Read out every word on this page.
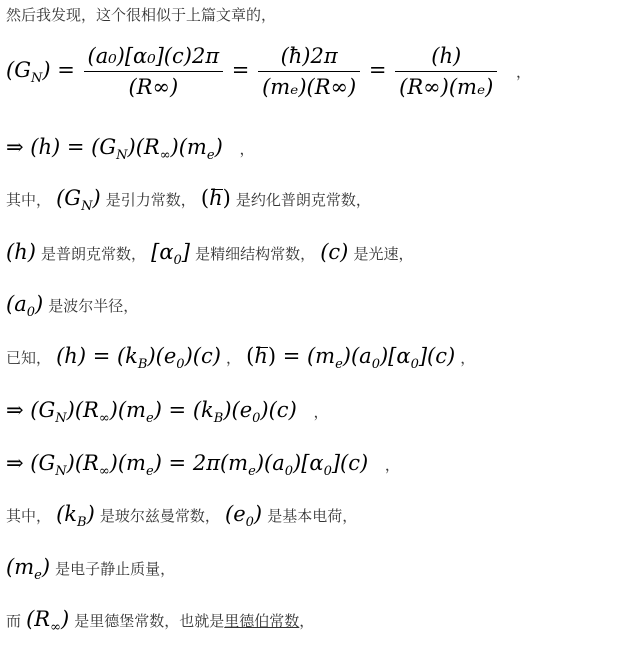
然后我发现，这个很相似于上篇文章的，
$(G_N) = \frac{\text{(a₀)[α₀](c)2π}}{(R\infty)} = \frac{(ħ)2\pi}{\text{(mₑ)(R∞)}} = \frac{(h)}{\text{(R∞)(mₑ)}}$ ，
⇒ $(h) = (G_N)(R_\infty)(m_e)$ ，
其中， $(G_N)$ 是引力常数， (h) 是约化普朗克常数，
(h) 是普朗克常数， $[\alpha_0]$ 是精细结构常数， (c) 是光速，
$(a_0)$ 是波尔半径，
已知， $(h) = (k_B)(e_0)(c)$ ， $(h) = (m_e)(a_0)[\alpha_0](c)$ ，
⇒ $(G_N)(R_\infty)(m_e) = (k_B)(e_0)(c)$ ，
⇒ $(G_N)(R_\infty)(m_e) = 2\pi(m_e)(a_0)[\alpha_0](c)$ ，
其中， $(k_B)$ 是玻尔兹曼常数， $(e_0)$ 是基本电荷，
$(m_e)$ 是电子静止质量，
而 $(R_\infty)$ 是里德堡常数，也就是里德伯常数，
